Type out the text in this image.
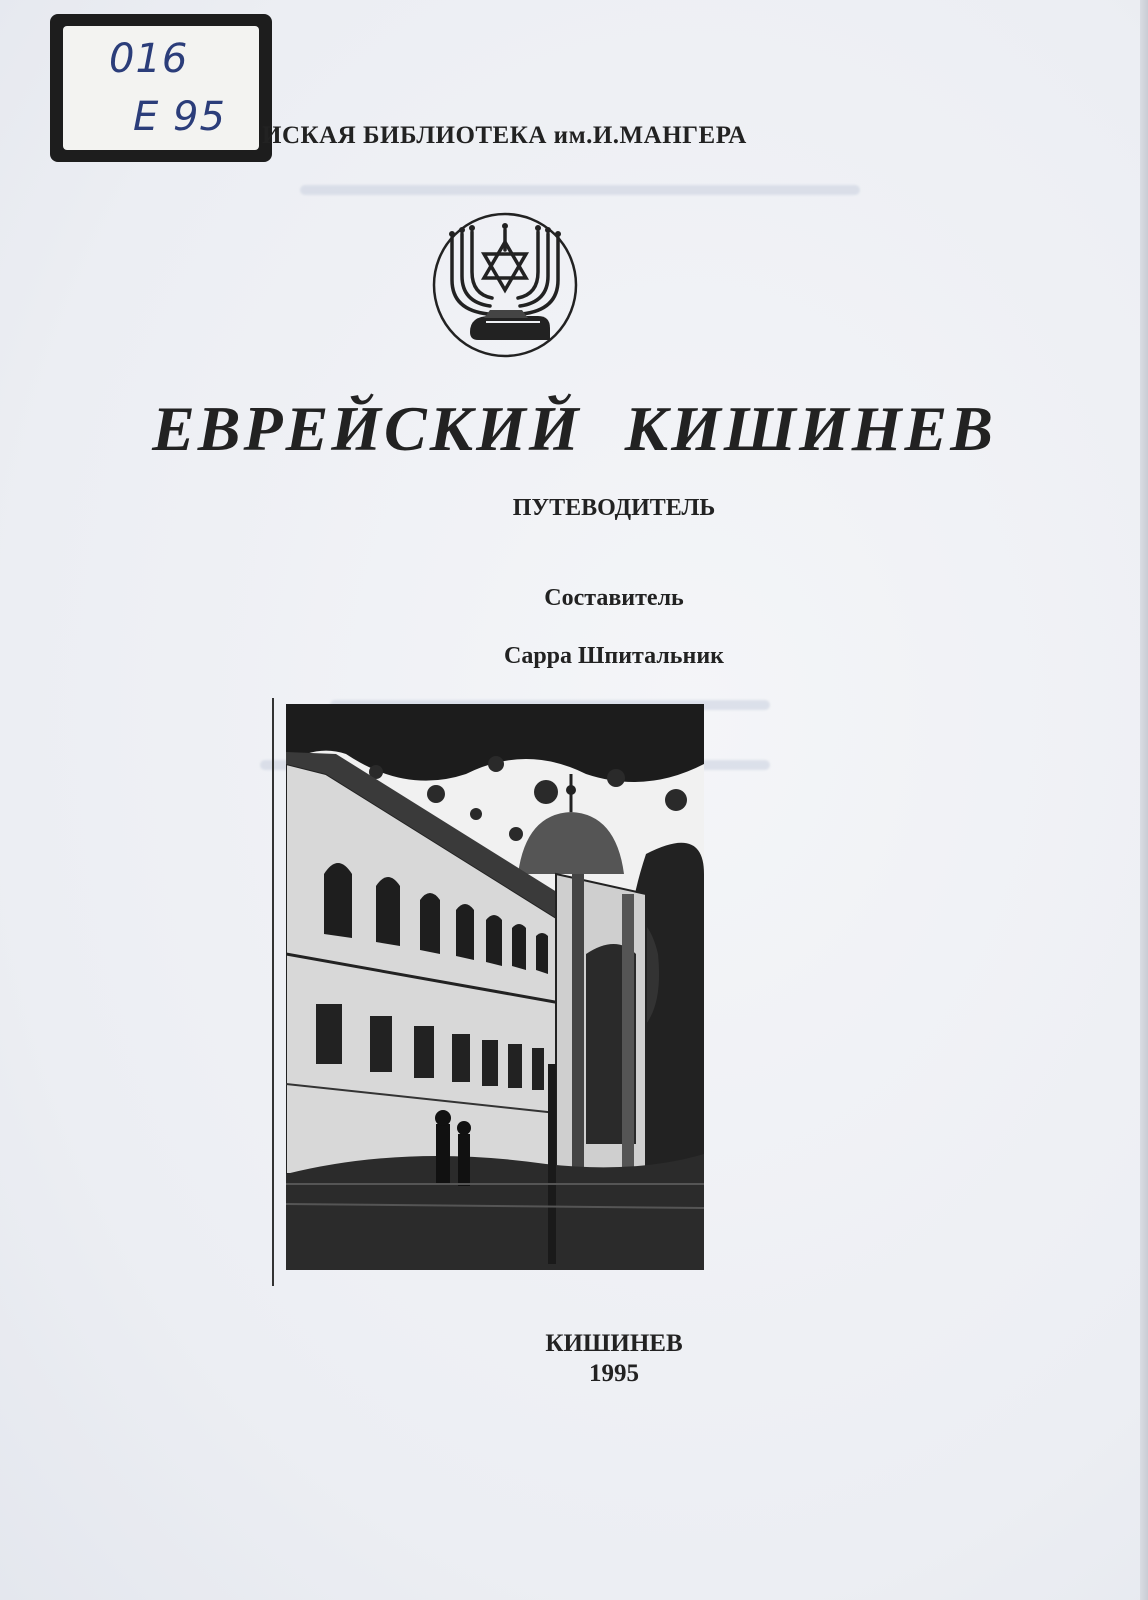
016
E 95 ИСКАЯ БИБЛИОТЕКА им.И.МАНГЕРА
ЕВРЕЙСКИЙ КИШИНЕВ
ПУТЕВОДИТЕЛЬ
Составитель
Сарра Шпитальник
КИШИНЕВ
1995
